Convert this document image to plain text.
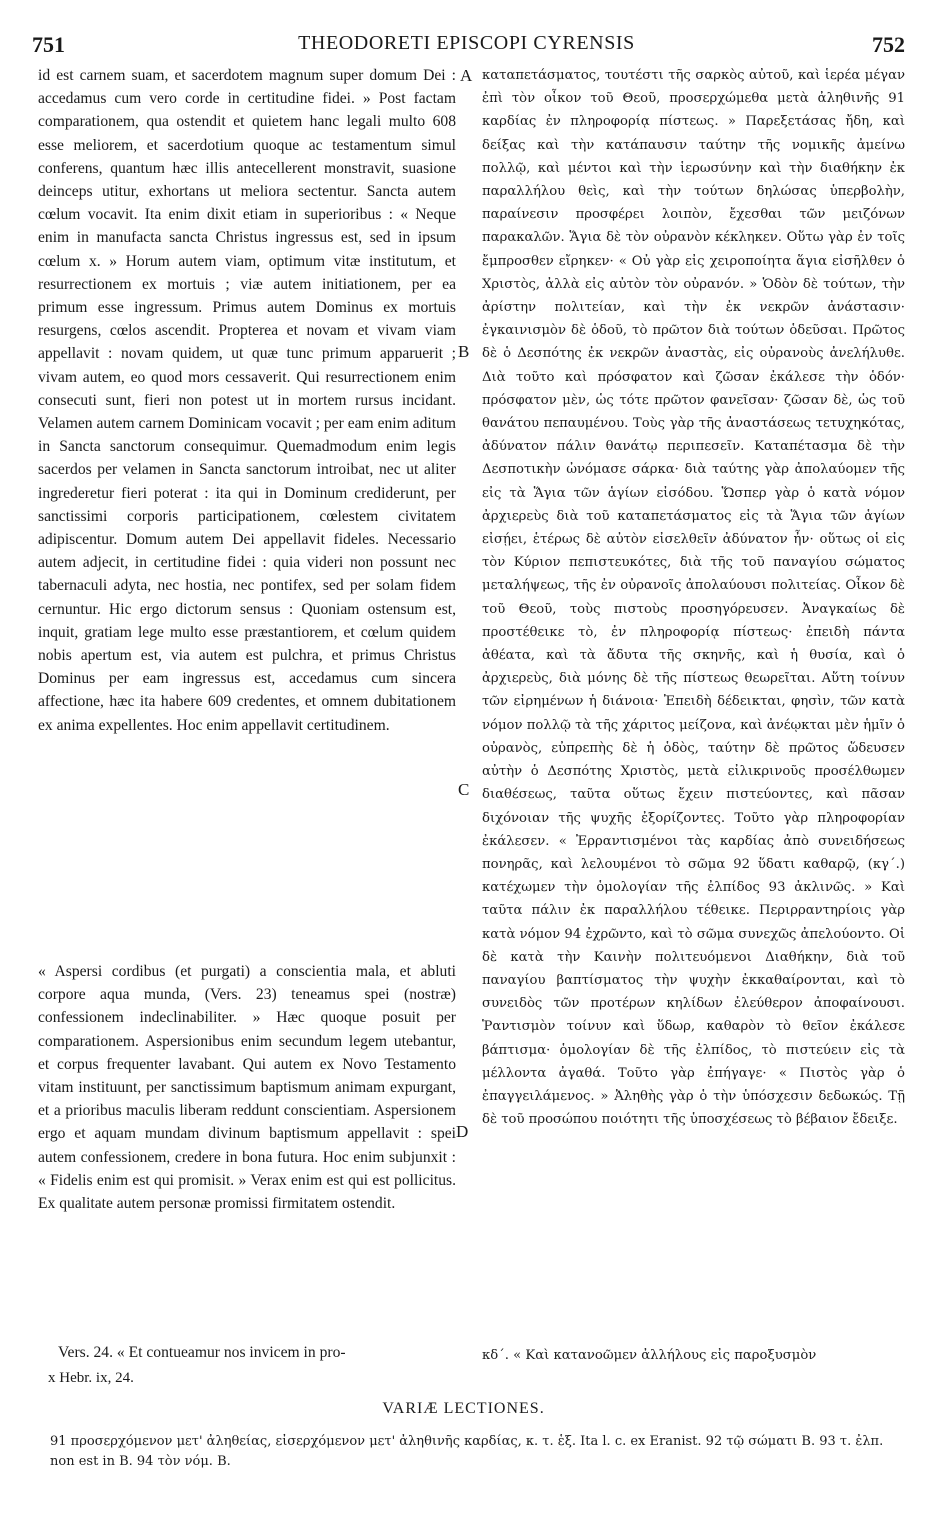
751	THEODORETI EPISCOPI CYRENSIS	752
A
B
C
D

id est carnem suam, et sacerdotem magnum super domum Dei : accedamus cum vero corde in certitudine fidei. » Post factam comparationem, qua ostendit et quietem hanc legali multo 608 esse meliorem, et sacerdotium quoque ac testamentum simul conferens, quantum hæc illis antecellerent monstravit, suasione deinceps utitur, exhortans ut meliora sectentur. Sancta autem cœlum vocavit. Ita enim dixit etiam in superioribus : « Neque enim in manufacta sancta Christus ingressus est, sed in ipsum cœlum x. » Horum autem viam, optimum vitæ institutum, et resurrectionem ex mortuis ; viæ autem initiationem, per ea primum esse ingressum. Primus autem Dominus ex mortuis resurgens, cœlos ascendit. Propterea et novam et vivam viam appellavit : novam quidem, ut quæ tunc primum apparuerit ; vivam autem, eo quod mors cessaverit. Qui resurrectionem enim consecuti sunt, fieri non potest ut in mortem rursus incidant. Velamen autem carnem Dominicam vocavit ; per eam enim aditum in Sancta sanctorum consequimur. Quemadmodum enim legis sacerdos per velamen in Sancta sanctorum introibat, nec ut aliter ingrederetur fieri poterat : ita qui in Dominum crediderunt, per sanctissimi corporis participationem, cœlestem civitatem adipiscentur. Domum autem Dei appellavit fideles. Necessario autem adjecit, in certitudine fidei : quia videri non possunt nec tabernaculi adyta, nec hostia, nec pontifex, sed per solam fidem cernuntur. Hic ergo dictorum sensus : Quoniam ostensum est, inquit, gratiam lege multo esse præstantiorem, et cœlum quidem nobis apertum est, via autem est pulchra, et primus Christus Dominus per eam ingressus est, accedamus cum sincera affectione, hæc ita habere 609 credentes, et omnem dubitationem ex anima expellentes. Hoc enim appellavit certitudinem.

« Aspersi cordibus (et purgati) a conscientia mala, et abluti corpore aqua munda, (Vers. 23) teneamus spei (nostræ) confessionem indeclinabiliter. » Hæc quoque posuit per comparationem. Aspersionibus enim secundum legem utebantur, et corpus frequenter lavabant. Qui autem ex Novo Testamento vitam instituunt, per sanctissimum baptismum animam expurgant, et a prioribus maculis liberam reddunt conscientiam. Aspersionem ergo et aquam mundam divinum baptismum appellavit : spei autem confessionem, credere in bona futura. Hoc enim subjunxit : « Fidelis enim est qui promisit. » Verax enim est qui est pollicitus. Ex qualitate autem personæ promissi firmitatem ostendit.

καταπετάσματος, τουτέστι τῆς σαρκὸς αὐτοῦ, καὶ ἱερέα μέγαν ἐπὶ τὸν οἶκον τοῦ Θεοῦ, προσερχώμεθα μετὰ ἀληθινῆς 91 καρδίας ἐν πληροφορίᾳ πίστεως. » Παρεξετάσας ἤδη, καὶ δείξας καὶ τὴν κατάπαυσιν ταύτην τῆς νομικῆς ἀμείνω πολλῷ, καὶ μέντοι καὶ τὴν ἱερωσύνην καὶ τὴν διαθήκην ἐκ παραλλήλου θεὶς, καὶ τὴν τούτων δηλώσας ὑπερβολὴν, παραίνεσιν προσφέρει λοιπὸν, ἔχεσθαι τῶν μειζόνων παρακαλῶν. Ἅγια δὲ τὸν οὐρανὸν κέκληκεν. Οὕτω γὰρ ἐν τοῖς ἔμπροσθεν εἴρηκεν· « Οὐ γὰρ εἰς χειροποίητα ἅγια εἰσῆλθεν ὁ Χριστὸς, ἀλλὰ εἰς αὐτὸν τὸν οὐρανόν. » Ὁδὸν δὲ τούτων, τὴν ἀρίστην πολιτείαν, καὶ τὴν ἐκ νεκρῶν ἀνάστασιν· ἐγκαινισμὸν δὲ ὁδοῦ, τὸ πρῶτον διὰ τούτων ὁδεῦσαι. Πρῶτος δὲ ὁ Δεσπότης ἐκ νεκρῶν ἀναστὰς, εἰς οὐρανοὺς ἀνελήλυθε. Διὰ τοῦτο καὶ πρόσφατον καὶ ζῶσαν ἐκάλεσε τὴν ὁδόν· πρόσφατον μὲν, ὡς τότε πρῶτον φανεῖσαν· ζῶσαν δὲ, ὡς τοῦ θανάτου πεπαυμένου. Τοὺς γὰρ τῆς ἀναστάσεως τετυχηκότας, ἀδύνατον πάλιν θανάτῳ περιπεσεῖν. Καταπέτασμα δὲ τὴν Δεσποτικὴν ὠνόμασε σάρκα· διὰ ταύτης γὰρ ἀπολαύομεν τῆς εἰς τὰ Ἅγια τῶν ἁγίων εἰσόδου. Ὥσπερ γὰρ ὁ κατὰ νόμον ἀρχιερεὺς διὰ τοῦ καταπετάσματος εἰς τὰ Ἅγια τῶν ἁγίων εἰσῄει, ἑτέρως δὲ αὐτὸν εἰσελθεῖν ἀδύνατον ἦν· οὕτως οἱ εἰς τὸν Κύριον πεπιστευκότες, διὰ τῆς τοῦ παναγίου σώματος μεταλήψεως, τῆς ἐν οὐρανοῖς ἀπολαύουσι πολιτείας. Οἶκον δὲ τοῦ Θεοῦ, τοὺς πιστοὺς προσηγόρευσεν. Ἀναγκαίως δὲ προστέθεικε τὸ, ἐν πληροφορίᾳ πίστεως· ἐπειδὴ πάντα ἀθέατα, καὶ τὰ ἄδυτα τῆς σκηνῆς, καὶ ἡ θυσία, καὶ ὁ ἀρχιερεὺς, διὰ μόνης δὲ τῆς πίστεως θεωρεῖται. Αὕτη τοίνυν τῶν εἰρημένων ἡ διάνοια· Ἐπειδὴ δέδεικται, φησὶν, τῶν κατὰ νόμον πολλῷ τὰ τῆς χάριτος μείζονα, καὶ ἀνέῳκται μὲν ἡμῖν ὁ οὐρανὸς, εὐπρεπὴς δὲ ἡ ὁδὸς, ταύτην δὲ πρῶτος ὥδευσεν αὐτὴν ὁ Δεσπότης Χριστὸς, μετὰ εἰλικρινοῦς προσέλθωμεν διαθέσεως, ταῦτα οὕτως ἔχειν πιστεύοντες, καὶ πᾶσαν διχόνοιαν τῆς ψυχῆς ἐξορίζοντες. Τοῦτο γὰρ πληροφορίαν ἐκάλεσεν. « Ἐρραντισμένοι τὰς καρδίας ἀπὸ συνειδήσεως πονηρᾶς, καὶ λελουμένοι τὸ σῶμα 92 ὕδατι καθαρῷ, (κγ΄.) κατέχωμεν τὴν ὁμολογίαν τῆς ἐλπίδος 93 ἀκλινῶς. » Καὶ ταῦτα πάλιν ἐκ παραλλήλου τέθεικε. Περιρραντηρίοις γὰρ κατὰ νόμον 94 ἐχρῶντο, καὶ τὸ σῶμα συνεχῶς ἀπελούοντο. Οἱ δὲ κατὰ τὴν Καινὴν πολιτευόμενοι Διαθήκην, διὰ τοῦ παναγίου βαπτίσματος τὴν ψυχὴν ἐκκαθαίρονται, καὶ τὸ συνειδὸς τῶν προτέρων κηλίδων ἐλεύθερον ἀποφαίνουσι. Ῥαντισμὸν τοίνυν καὶ ὕδωρ, καθαρὸν τὸ θεῖον ἐκάλεσε βάπτισμα· ὁμολογίαν δὲ τῆς ἐλπίδος, τὸ πιστεύειν εἰς τὰ μέλλοντα ἀγαθά. Τοῦτο γὰρ ἐπήγαγε· « Πιστὸς γὰρ ὁ ἐπαγγειλάμενος. » Ἀληθὴς γὰρ ὁ τὴν ὑπόσχεσιν δεδωκώς. Τῇ δὲ τοῦ προσώπου ποιότητι τῆς ὑποσχέσεως τὸ βέβαιον ἔδειξε.

Vers. 24. « Et contueamur nos invicem in pro-
x Hebr. ix, 24.
κδ΄. « Καὶ κατανοῶμεν ἀλλήλους εἰς παροξυσμὸν
VARIÆ LECTIONES.
91 προσερχόμενον μετ' ἀληθείας, εἰσερχόμενον μετ' ἀληθινῆς καρδίας, κ. τ. ἑξ. Ita l. c. ex Eranist. 92 τῷ σώματι B. 93 τ. ἐλπ. non est in B. 94 τὸν νόμ. B.
